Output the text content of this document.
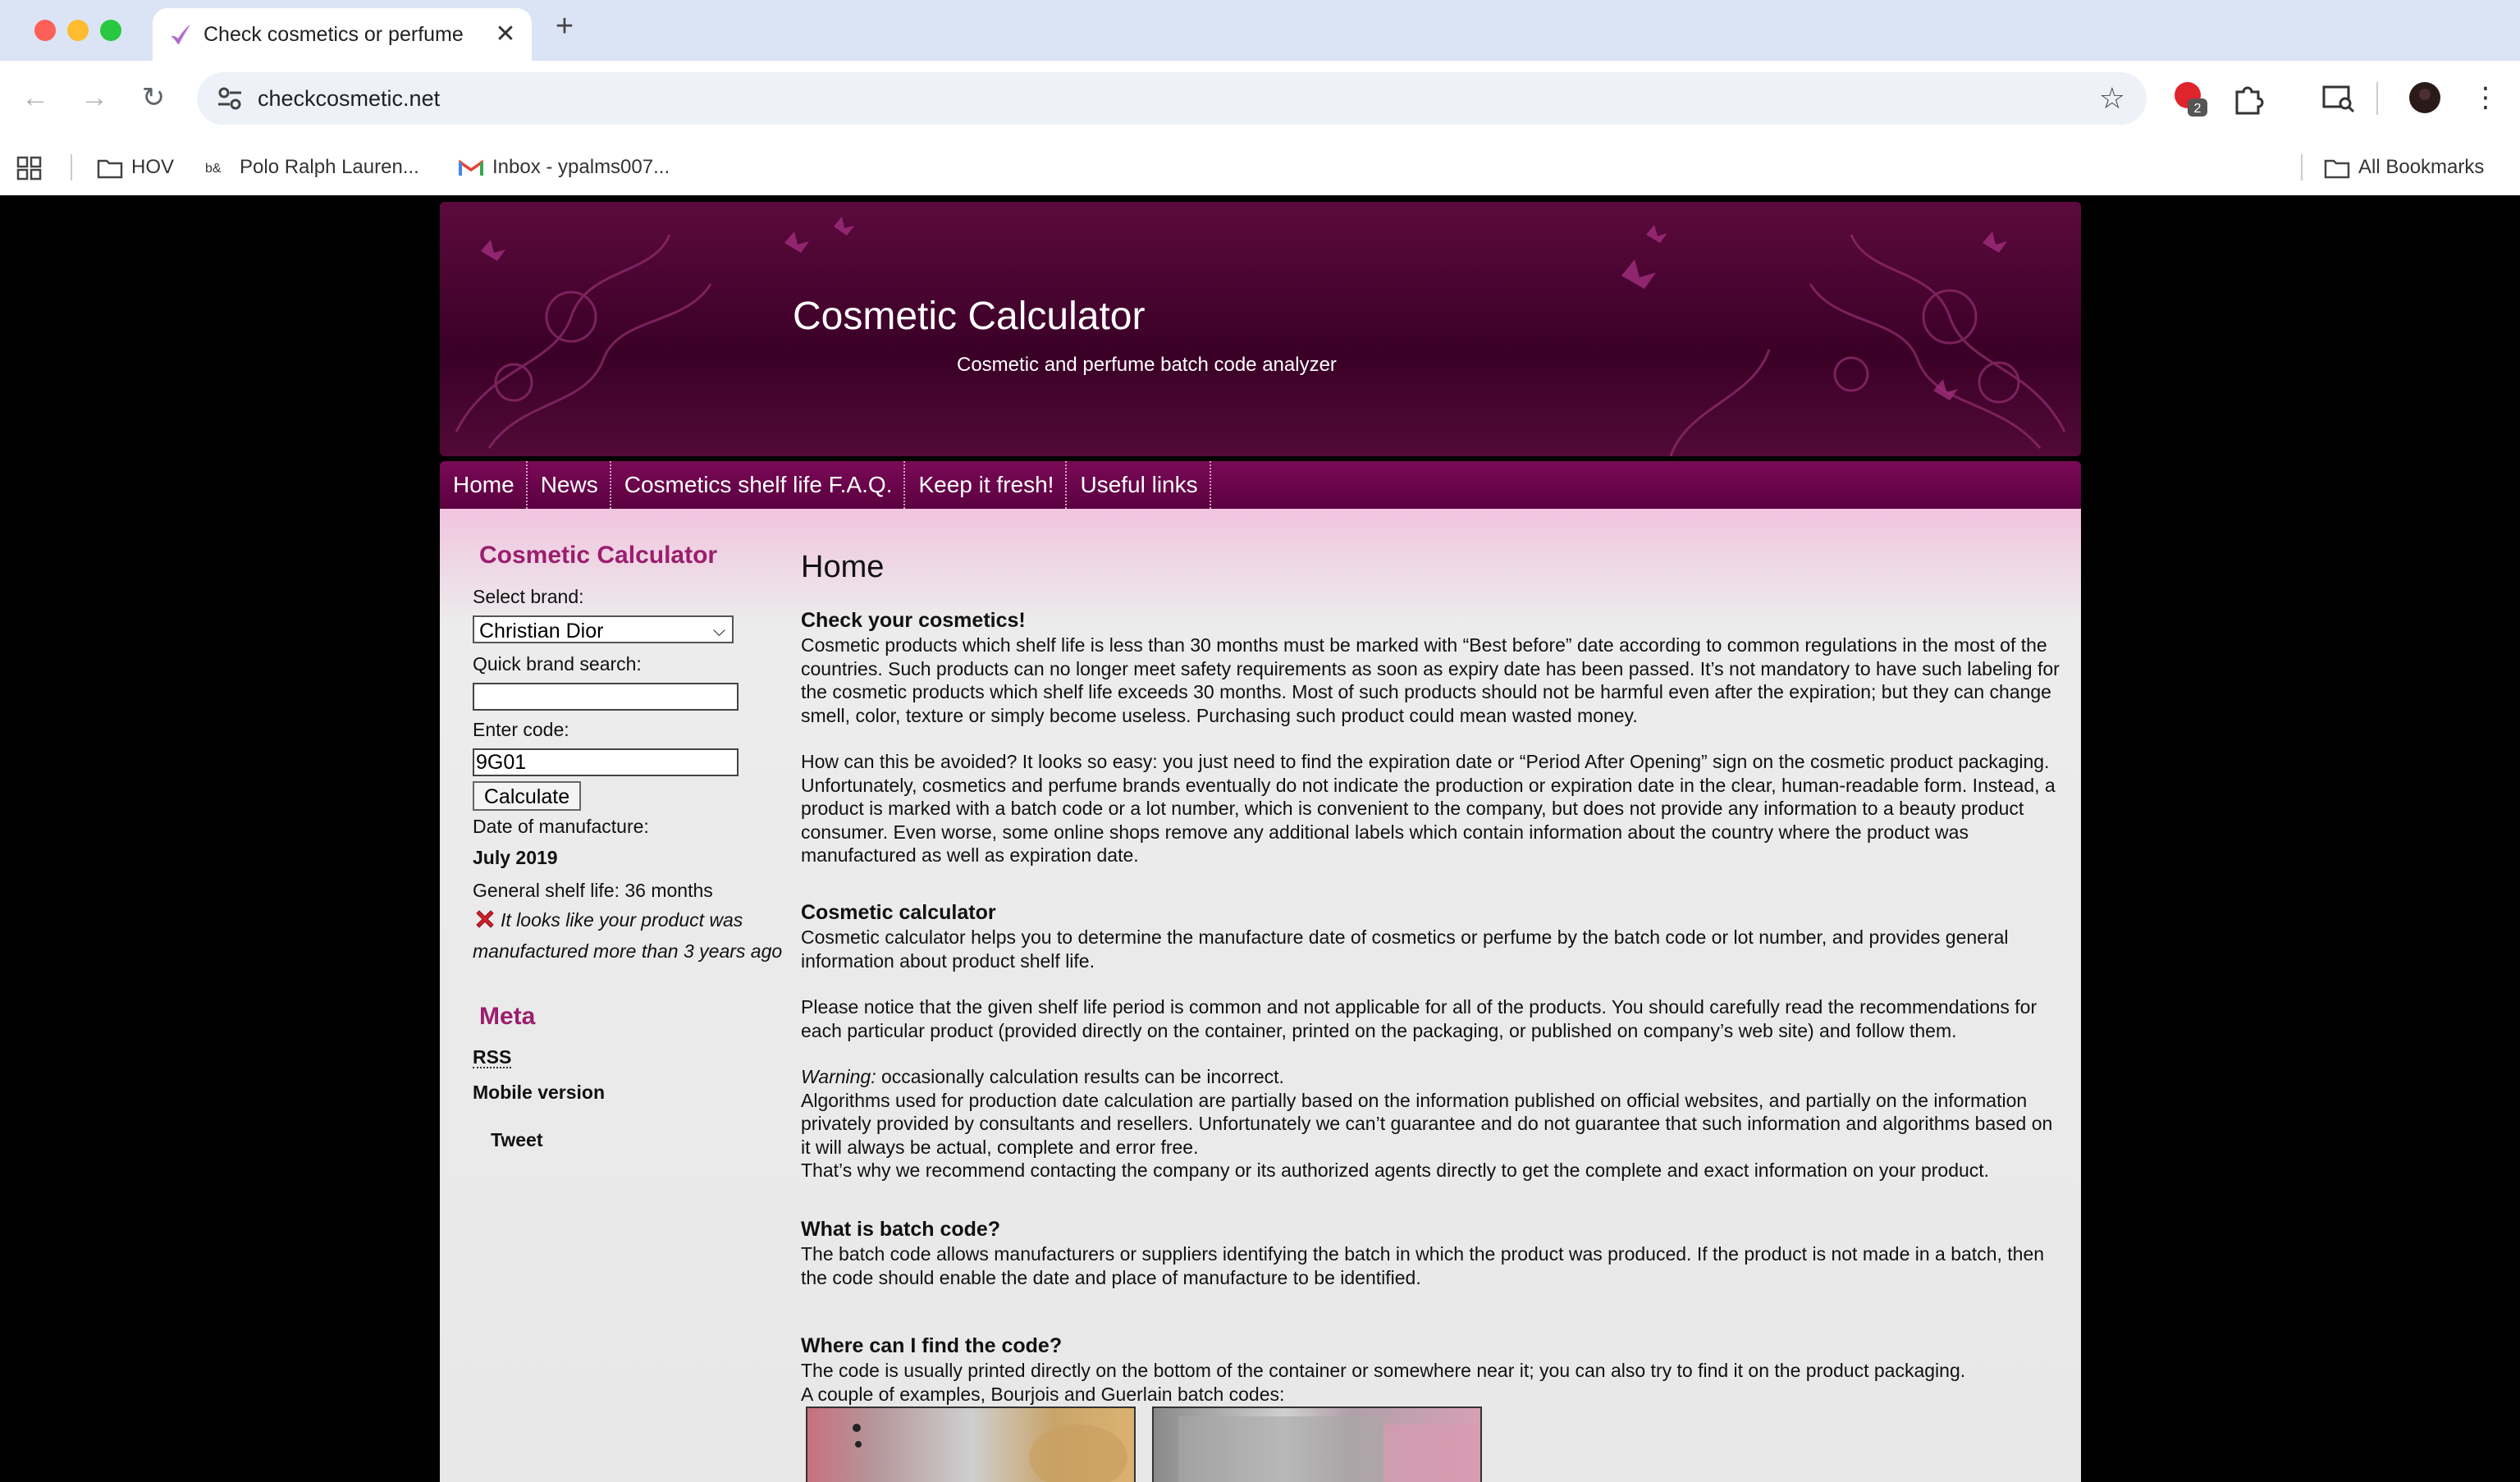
Check cosmetics or perfume	✕ +
← → ↻	checkcosmetic.net	☆	2	⋮
HOV b& Polo Ralph Lauren...	Inbox - ypalms007...	All Bookmarks
Cosmetic Calculator
Cosmetic and perfume batch code analyzer
Home	News	Cosmetics shelf life F.A.Q.	Keep it fresh!	Useful links
Cosmetic Calculator
Select brand:
Christian Dior	⌵
Quick brand search:
Enter code:
9G01
Calculate
Date of manufacture:
July 2019
General shelf life: 36 months
It looks like your product was manufactured more than 3 years ago
Meta
RSS
Mobile version
Tweet
Home
Check your cosmetics!

Cosmetic products which shelf life is less than 30 months must be marked with “Best before” date according to common regulations in the most of the countries. Such products can no longer meet safety requirements as soon as expiry date has been passed. It’s not mandatory to have such labeling for the cosmetic products which shelf life exceeds 30 months. Most of such products should not be harmful even after the expiration; but they can change smell, color, texture or simply become useless. Purchasing such product could mean wasted money.

How can this be avoided? It looks so easy: you just need to find the expiration date or “Period After Opening” sign on the cosmetic product packaging. Unfortunately, cosmetics and perfume brands eventually do not indicate the production or expiration date in the clear, human-readable form. Instead, a product is marked with a batch code or a lot number, which is convenient to the company, but does not provide any information to a beauty product consumer. Even worse, some online shops remove any additional labels which contain information about the country where the product was manufactured as well as expiration date.

Cosmetic calculator

Cosmetic calculator helps you to determine the manufacture date of cosmetics or perfume by the batch code or lot number, and provides general information about product shelf life.

Please notice that the given shelf life period is common and not applicable for all of the products. You should carefully read the recommendations for each particular product (provided directly on the container, printed on the packaging, or published on company’s web site) and follow them.

Warning: occasionally calculation results can be incorrect.

Algorithms used for production date calculation are partially based on the information published on official websites, and partially on the information privately provided by consultants and resellers. Unfortunately we can’t guarantee and do not guarantee that such information and algorithms based on it will always be actual, complete and error free.

That’s why we recommend contacting the company or its authorized agents directly to get the complete and exact information on your product.

What is batch code?

The batch code allows manufacturers or suppliers identifying the batch in which the product was produced. If the product is not made in a batch, then the code should enable the date and place of manufacture to be identified.

Where can I find the code?

The code is usually printed directly on the bottom of the container or somewhere near it; you can also try to find it on the product packaging.

A couple of examples, Bourjois and Guerlain batch codes:
